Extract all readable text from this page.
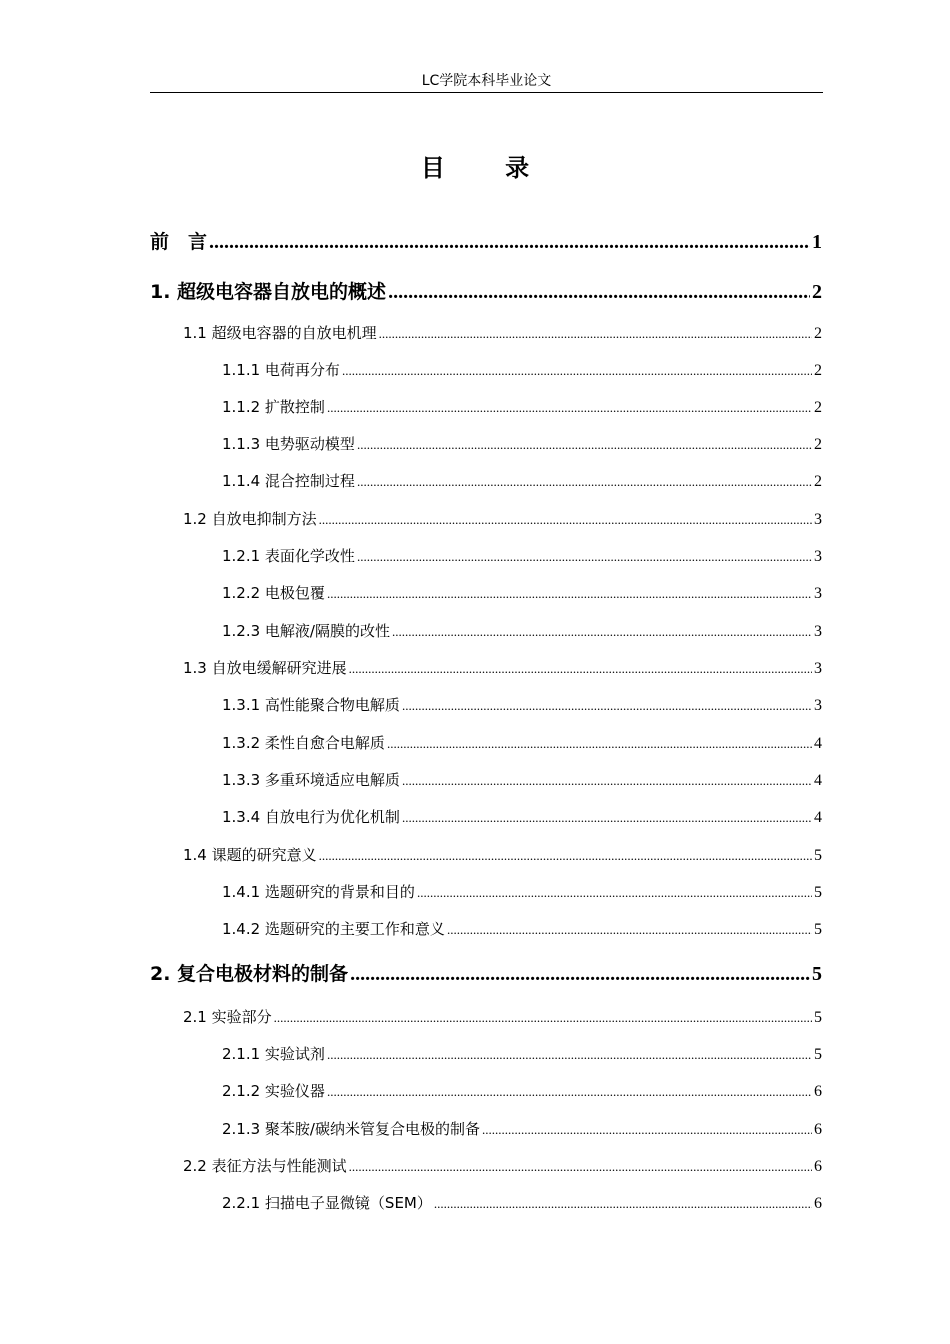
LC学院本科毕业论文
目 录
前　言 .....	1
1. 超级电容器自放电的概述 .....	2
1.1 超级电容器的自放电机理 .....	2
1.1.1 电荷再分布 .....	2
1.1.2 扩散控制 .....	2
1.1.3 电势驱动模型 .....	2
1.1.4 混合控制过程 .....	2
1.2 自放电抑制方法 .....	3
1.2.1 表面化学改性 .....	3
1.2.2 电极包覆 .....	3
1.2.3 电解液/隔膜的改性 .....	3
1.3 自放电缓解研究进展 .....	3
1.3.1 高性能聚合物电解质 .....	3
1.3.2 柔性自愈合电解质 .....	4
1.3.3 多重环境适应电解质 .....	4
1.3.4 自放电行为优化机制 .....	4
1.4 课题的研究意义 .....	5
1.4.1 选题研究的背景和目的 .....	5
1.4.2 选题研究的主要工作和意义 .....	5
2. 复合电极材料的制备 .....	5
2.1 实验部分 .....	5
2.1.1 实验试剂 .....	5
2.1.2 实验仪器 .....	6
2.1.3 聚苯胺/碳纳米管复合电极的制备 .....	6
2.2 表征方法与性能测试 .....	6
2.2.1 扫描电子显微镜（SEM） .....	6
